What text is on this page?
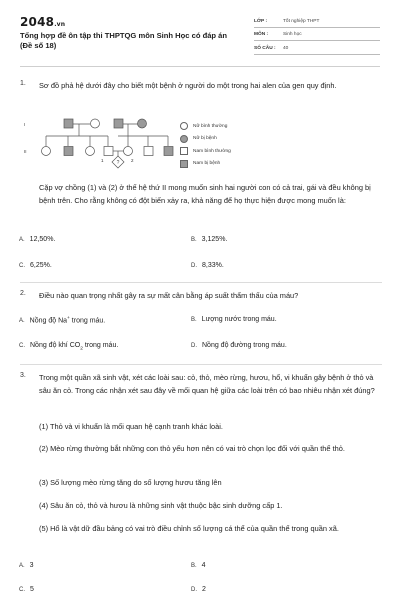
2048.vn
Tổng hợp đề ôn tập thi THPTQG môn Sinh Học có đáp án (Đề số 18)
LỚP :	Tốt nghiệp THPT
MÔN :	Sinh học
SỐ CÂU :	40
1.	Sơ đồ phả hệ dưới đây cho biết một bệnh ở người do một trong hai alen của gen quy định.
?
I
II
1	2
Nữ bình thường
Nữ bị bệnh
Nam bình thường
Nam bị bệnh
Cặp vợ chồng (1) và (2) ở thế hệ thứ II mong muốn sinh hai người con có cả trai, gái và đều không bị bệnh trên. Cho rằng không có đột biến xảy ra, khả năng để họ thực hiện được mong muốn là:
A. 12,50%.	B. 3,125%.
C. 6,25%.	D. 8,33%.
2.	Điều nào quan trọng nhất gây ra sự mất cân bằng áp suất thẩm thấu của máu?
A. Nồng độ Na+ trong máu.	B. Lượng nước trong máu.
C. Nồng độ khí $CO_2$ trong máu.	D. Nồng độ đường trong máu.
3.	Trong một quần xã sinh vật, xét các loài sau: cỏ, thỏ, mèo rừng, hươu, hổ, vi khuẩn gây bệnh ở thỏ và sâu ăn cỏ. Trong các nhận xét sau đây về mối quan hệ giữa các loài trên có bao nhiêu nhận xét đúng?
(1) Thỏ và vi khuẩn là mối quan hệ cạnh tranh khác loài.
(2) Mèo rừng thường bắt những con thỏ yếu hơn nên có vai trò chọn lọc đối với quần thể thỏ.
(3) Số lượng mèo rừng tăng do số lượng hươu tăng lên
(4) Sâu ăn cỏ, thỏ và hươu là những sinh vật thuộc bậc sinh dưỡng cấp 1.
(5) Hổ là vật dữ đầu bảng có vai trò điều chỉnh số lượng cá thể của quần thể trong quần xã.
A. 3	B. 4
C. 5	D. 2
